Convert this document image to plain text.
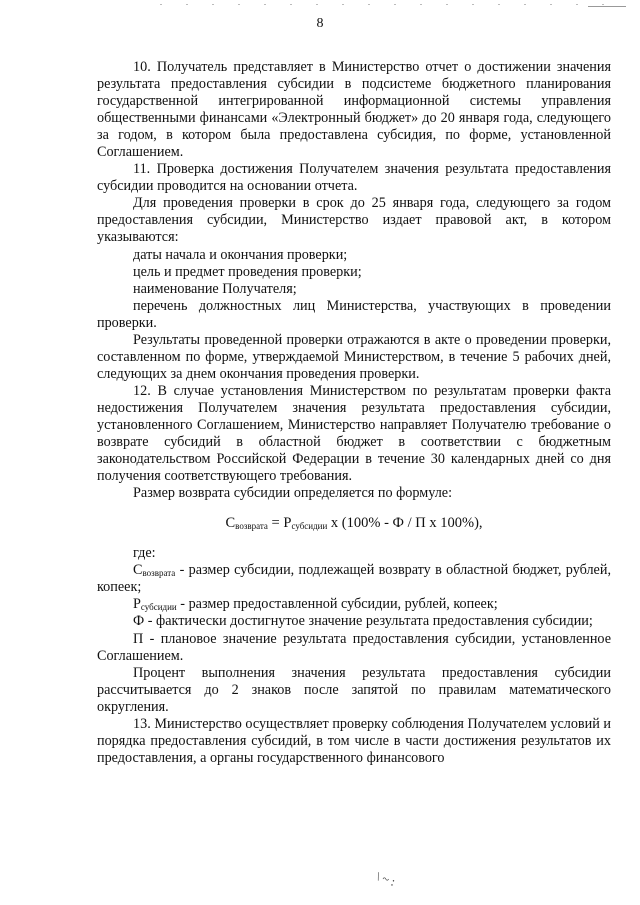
8

10. Получатель представляет в Министерство отчет о достижении значения результата предоставления субсидии в подсистеме бюджетного планирования государственной интегрированной информационной системы управления общественными финансами «Электронный бюджет» до 20 января года, следующего за годом, в котором была предоставлена субсидия, по форме, установленной Соглашением.

11. Проверка достижения Получателем значения результата предоставления субсидии проводится на основании отчета.

Для проведения проверки в срок до 25 января года, следующего за годом предоставления субсидии, Министерство издает правовой акт, в котором указываются:

даты начала и окончания проверки;

цель и предмет проведения проверки;

наименование Получателя;

перечень должностных лиц Министерства, участвующих в проведении проверки.

Результаты проведенной проверки отражаются в акте о проведении проверки, составленном по форме, утверждаемой Министерством, в течение 5 рабочих дней, следующих за днем окончания проведения проверки.

12. В случае установления Министерством по результатам проверки факта недостижения Получателем значения результата предоставления субсидии, установленного Соглашением, Министерство направляет Получателю требование о возврате субсидий в областной бюджет в соответствии с бюджетным законодательством Российской Федерации в течение 30 календарных дней со дня получения соответствующего требования.

Размер возврата субсидии определяется по формуле:

$С_{возврата} = Р_{субсидии}$ х (100% - Ф / П х 100%),

где:

$С_{возврата}$ - размер субсидии, подлежащей возврату в областной бюджет, рублей, копеек;

$Р_{субсидии}$ - размер предоставленной субсидии, рублей, копеек;

Ф - фактически достигнутое значение результата предоставления субсидии;

П - плановое значение результата предоставления субсидии, установленное Соглашением.

Процент выполнения значения результата предоставления субсидии рассчитывается до 2 знаков после запятой по правилам математического округления.

13. Министерство осуществляет проверку соблюдения Получателем условий и порядка предоставления субсидий, в том числе в части достижения результатов их предоставления, а органы государственного финансового

\ ~ :
